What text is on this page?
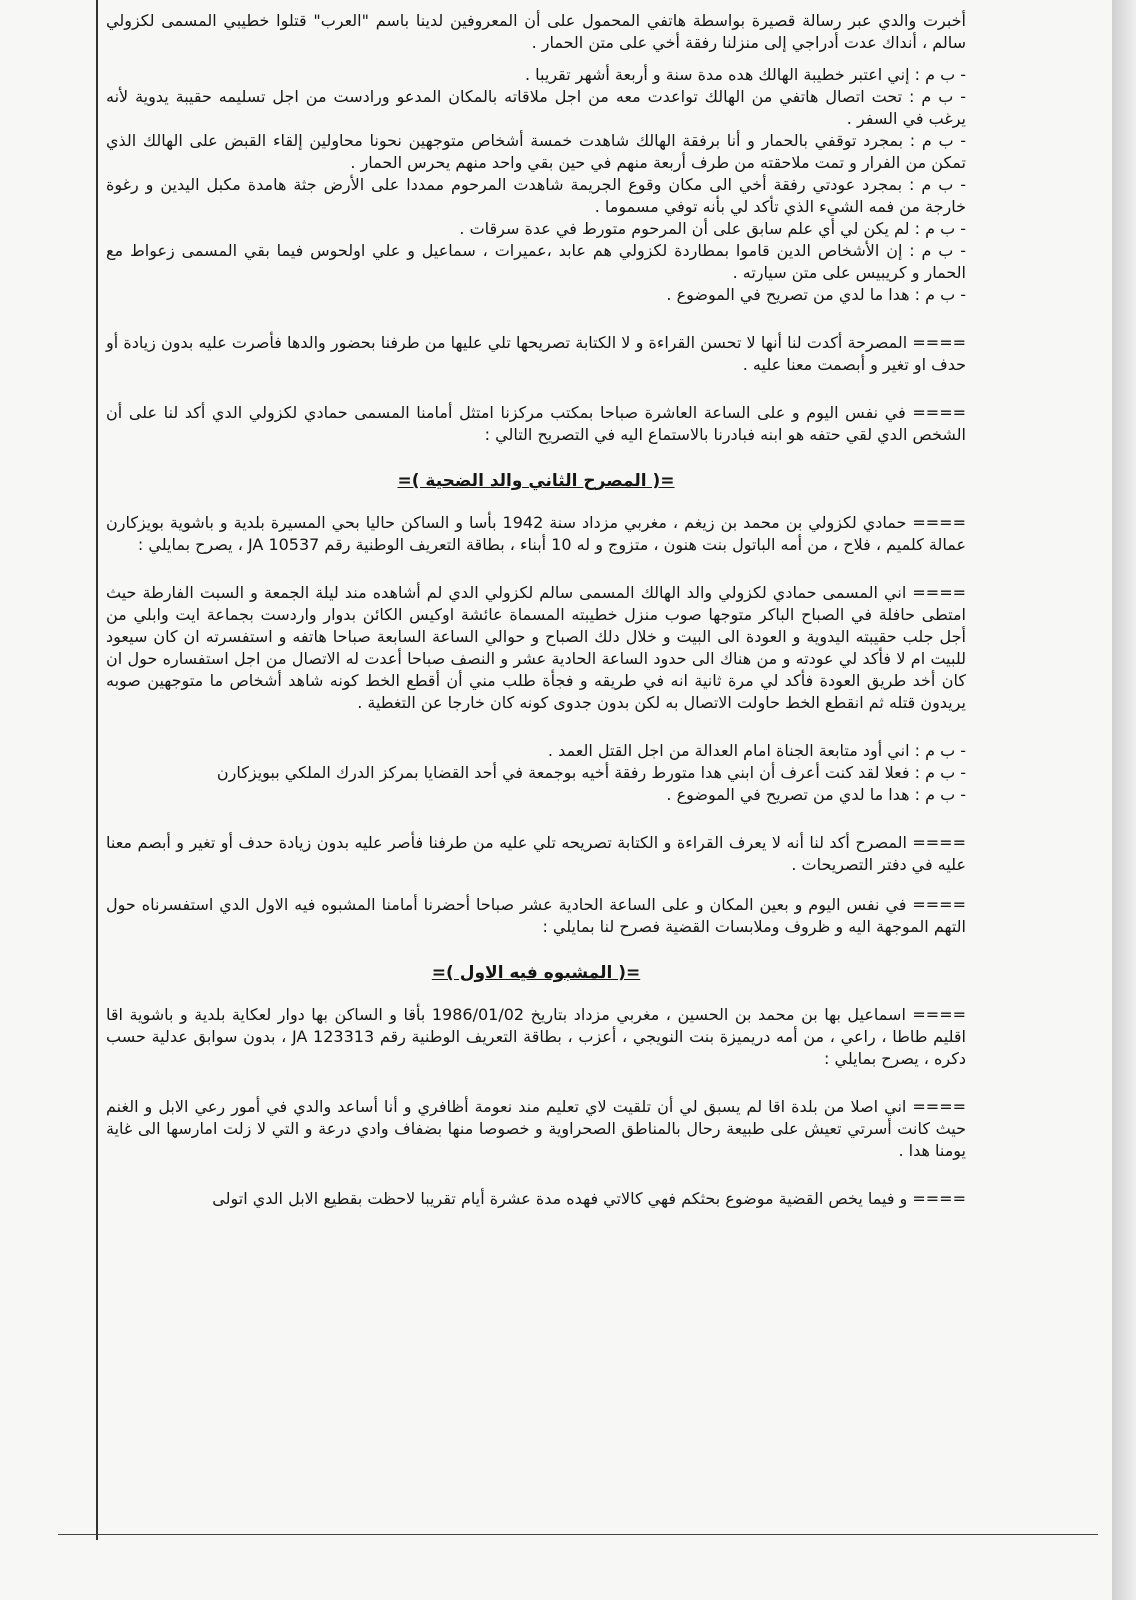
أخبرت والدي عبر رسالة قصيرة بواسطة هاتفي المحمول على أن المعروفين لدينا باسم "العرب" قتلوا خطيبي المسمى لكزولي سالم ، أنداك عدت أدراجي إلى منزلنا رفقة أخي على متن الحمار .

- ب م : إني اعتبر خطيبة الهالك هده مدة سنة و أربعة أشهر تقريبا .

- ب م : تحت اتصال هاتفي من الهالك تواعدت معه من اجل ملاقاته بالمكان المدعو ورادست من اجل تسليمه حقيبة يدوية لأنه يرغب في السفر .

- ب م : بمجرد توقفي بالحمار و أنا برفقة الهالك شاهدت خمسة أشخاص متوجهين نحونا محاولين إلقاء القبض على الهالك الذي تمكن من الفرار و تمت ملاحقته من طرف أربعة منهم في حين بقي واحد منهم يحرس الحمار .

- ب م : بمجرد عودتي رفقة أخي الى مكان وقوع الجريمة شاهدت المرحوم ممددا على الأرض جثة هامدة مكبل اليدين و رغوة خارجة من فمه الشيء الذي تأكد لي بأنه توفي مسموما .

- ب م : لم يكن لي أي علم سابق على أن المرحوم متورط في عدة سرقات .

- ب م : إن الأشخاص الدين قاموا بمطاردة لكزولي هم عابد ،عميرات ، سماعيل و علي اولحوس فيما بقي المسمى زعواط مع الحمار و كريبيس على متن سيارته .

- ب م : هدا ما لدي من تصريح في الموضوع .

==== المصرحة أكدت لنا أنها لا تحسن القراءة و لا الكتابة تصريحها تلي عليها من طرفنا بحضور والدها فأصرت عليه بدون زيادة أو حدف او تغير و أبصمت معنا عليه .

==== في نفس اليوم و على الساعة العاشرة صباحا بمكتب مركزنا امتثل أمامنا المسمى حمادي لكزولي الدي أكد لنا على أن الشخص الدي لقي حتفه هو ابنه فبادرنا بالاستماع اليه في التصريح التالي :

=( المصرح الثاني والد الضحية )=

==== حمادي لكزولي بن محمد بن زيغم ، مغربي مزداد سنة 1942 بأسا و الساكن حاليا بحي المسيرة بلدية و باشوية بويزكارن عمالة كلميم ، فلاح ، من أمه الباتول بنت هنون ، متزوج و له 10 أبناء ، بطاقة التعريف الوطنية رقم JA 10537 ، يصرح بمايلي :

==== اني المسمى حمادي لكزولي والد الهالك المسمى سالم لكزولي الدي لم أشاهده مند ليلة الجمعة و السبت الفارطة حيث امتطى حافلة في الصباح الباكر متوجها صوب منزل خطيبته المسماة عائشة اوكيس الكائن بدوار واردست بجماعة ايت وابلي من أجل جلب حقيبته اليدوية و العودة الى البيت و خلال دلك الصباح و حوالي الساعة السابعة صباحا هاتفه و استفسرته ان كان سيعود للبيت ام لا فأكد لي عودته و من هناك الى حدود الساعة الحادية عشر و النصف صباحا أعدت له الاتصال من اجل استفساره حول ان كان أخد طريق العودة فأكد لي مرة ثانية انه في طريقه و فجأة طلب مني أن أقطع الخط كونه شاهد أشخاص ما متوجهين صوبه يريدون قتله ثم انقطع الخط حاولت الاتصال به لكن بدون جدوى كونه كان خارجا عن التغطية .

- ب م : اني أود متابعة الجناة امام العدالة من اجل القتل العمد .

- ب م : فعلا لقد كنت أعرف أن ابني هدا متورط رفقة أخيه بوجمعة في أحد القضايا بمركز الدرك الملكي ببويزكارن

- ب م : هدا ما لدي من تصريح في الموضوع .

==== المصرح أكد لنا أنه لا يعرف القراءة و الكتابة تصريحه تلي عليه من طرفنا فأصر عليه بدون زيادة حدف أو تغير و أبصم معنا عليه في دفتر التصريحات .

==== في نفس اليوم و بعين المكان و على الساعة الحادية عشر صباحا أحضرنا أمامنا المشبوه فيه الاول الدي استفسرناه حول التهم الموجهة اليه و ظروف وملابسات القضية فصرح لنا بمايلي :

=( المشبوه فيه الاول )=

==== اسماعيل بها بن محمد بن الحسين ، مغربي مزداد بتاريخ 1986/01/02 بأقا و الساكن بها دوار لعكاية بلدية و باشوية اقا اقليم طاطا ، راعي ، من أمه دريميزة بنت النويجي ، أعزب ، بطاقة التعريف الوطنية رقم JA 123313 ، بدون سوابق عدلية حسب دكره ، يصرح بمايلي :

==== اني اصلا من بلدة اقا لم يسبق لي أن تلقيت لاي تعليم مند نعومة أظافري و أنا أساعد والدي في أمور رعي الابل و الغنم حيث كانت أسرتي تعيش على طبيعة رحال بالمناطق الصحراوية و خصوصا منها بضفاف وادي درعة و التي لا زلت امارسها الى غاية يومنا هدا .

==== و فيما يخص القضية موضوع بحثكم فهي كالاتي فهده مدة عشرة أيام تقريبا لاحظت بقطيع الابل الدي اتولى
